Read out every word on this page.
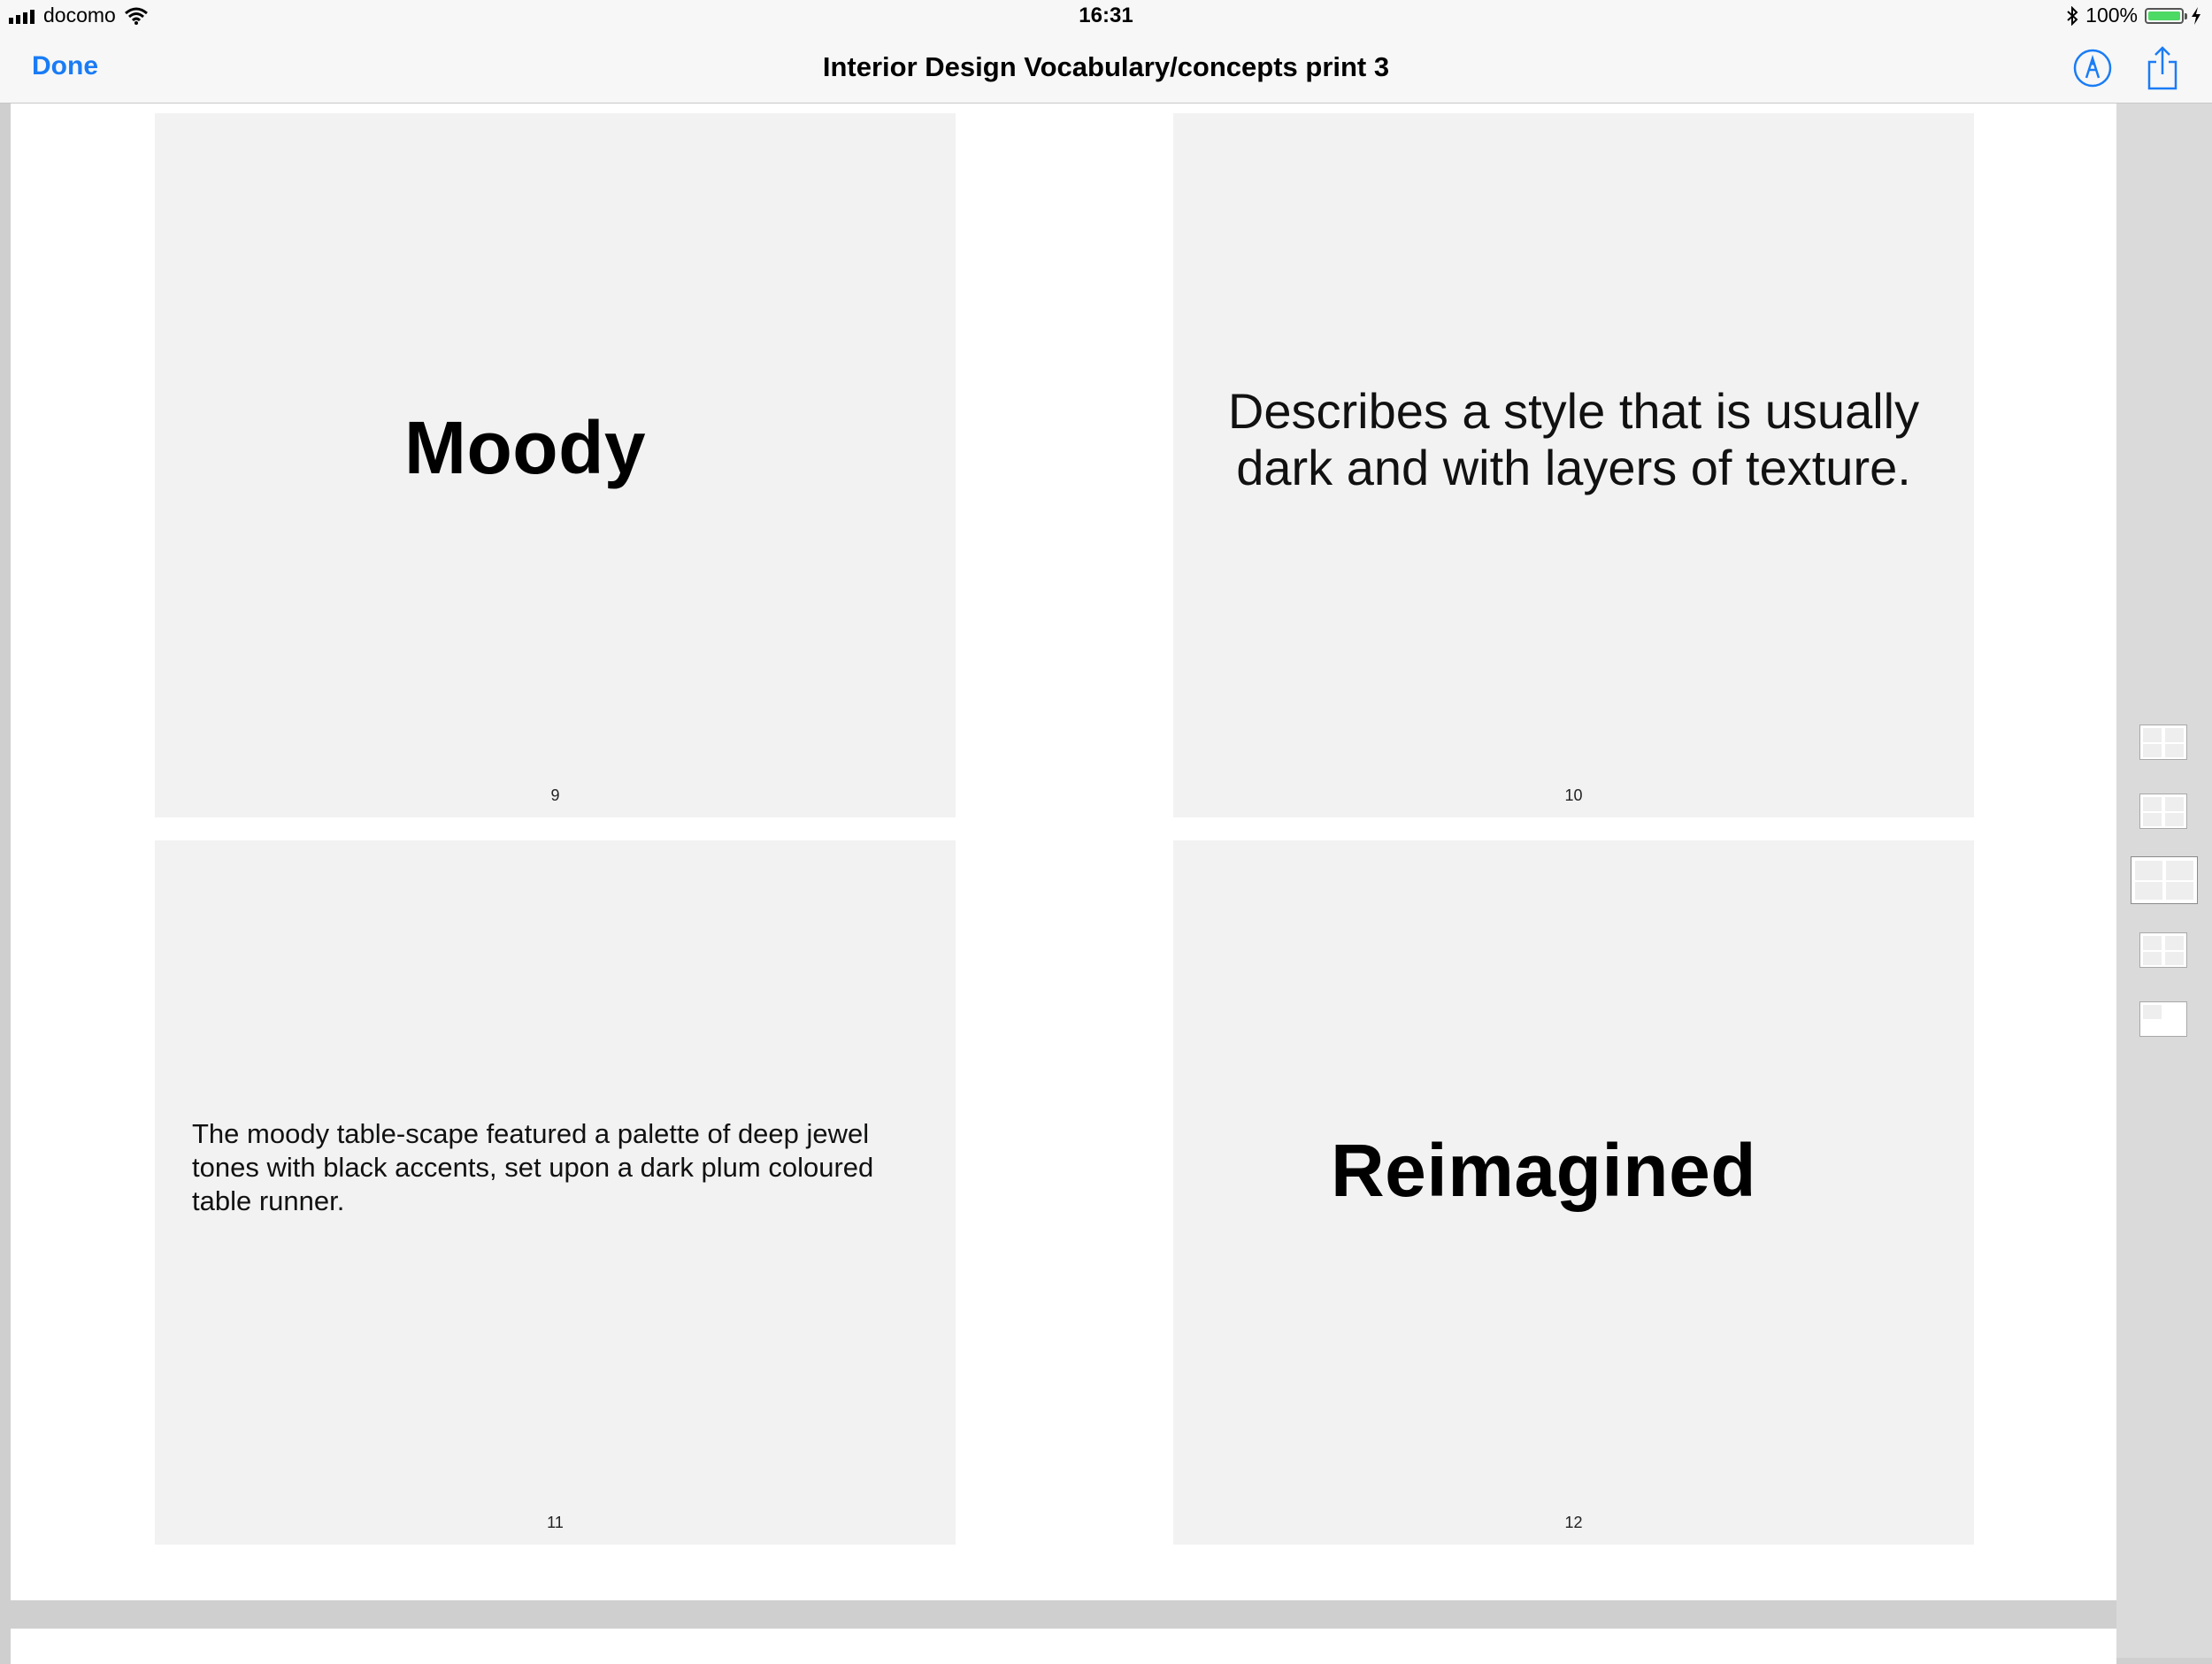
docomo	16:31	100%
Done	Interior Design Vocabulary/concepts print 3
Moody
9
Describes a style that is usually
dark and with layers of texture.
10
The moody table-scape featured a palette of deep jewel tones with black accents, set upon a dark plum coloured table runner.
11
Reimagined
12
